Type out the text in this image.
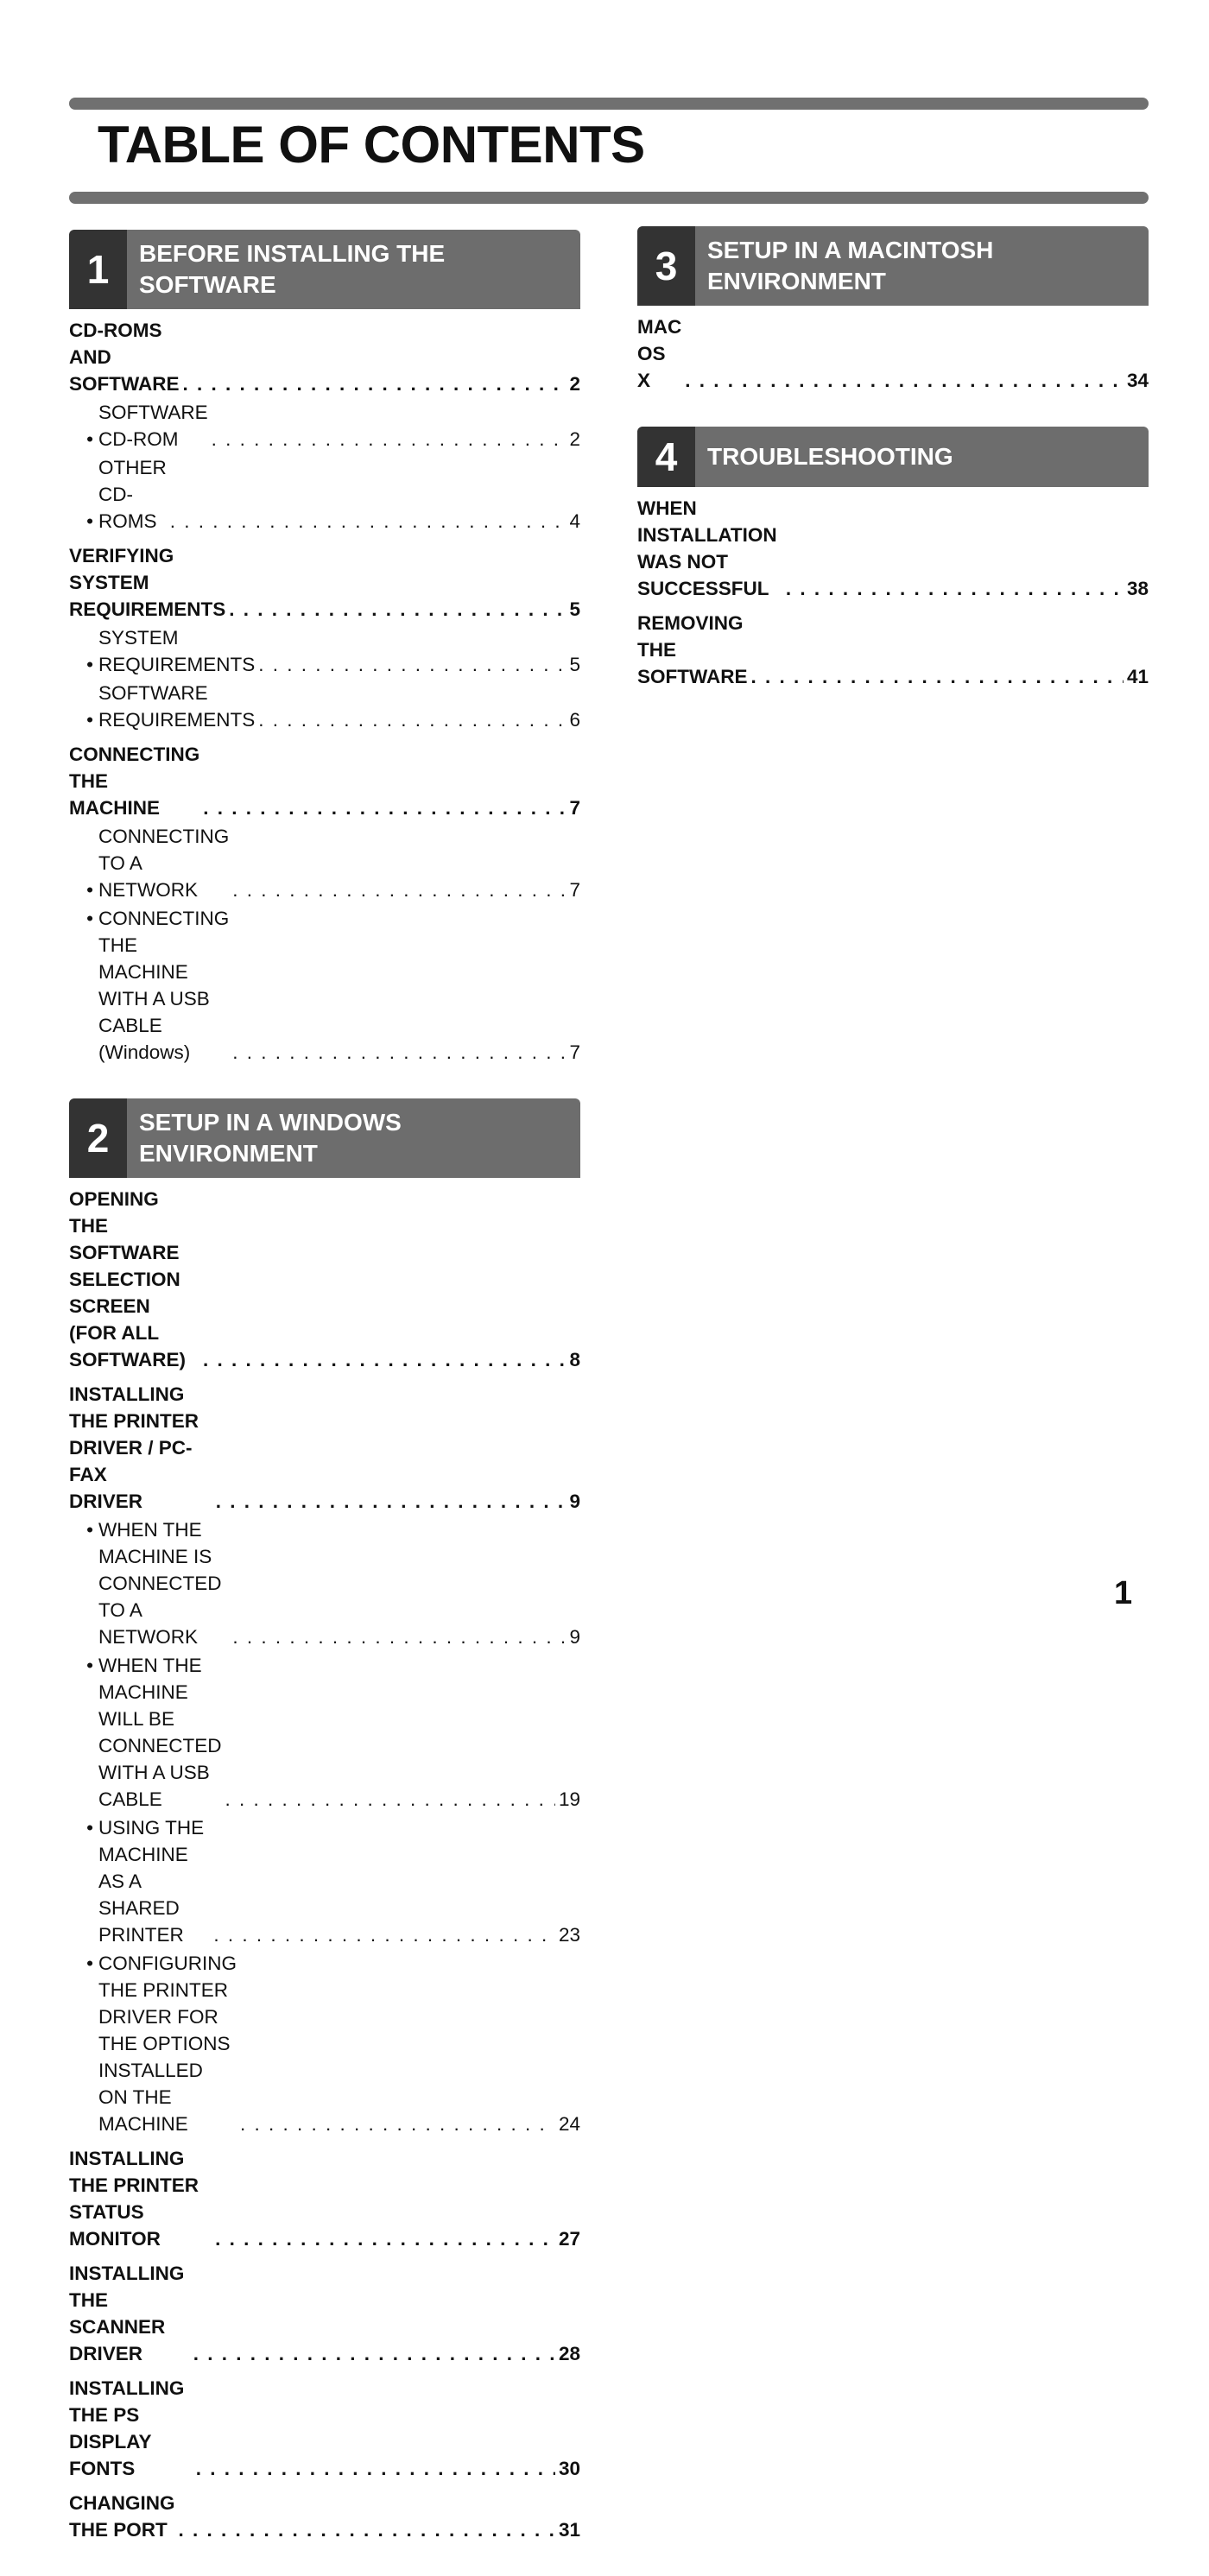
TABLE OF CONTENTS
1	BEFORE INSTALLING THE
SOFTWARE
CD-ROMS AND SOFTWARE . . .	2
•
SOFTWARE CD-ROM . . .	2
•
OTHER CD-ROMS . . .	4
VERIFYING SYSTEM REQUIREMENTS . . .	5
•
SYSTEM REQUIREMENTS . . .	5
•
SOFTWARE REQUIREMENTS . . .	6
CONNECTING THE MACHINE . . .	7
•
CONNECTING TO A NETWORK . . .	7
• CONNECTING THE MACHINE WITH A USB
CABLE (Windows) . . .	7
2	SETUP IN A WINDOWS
ENVIRONMENT
OPENING THE SOFTWARE SELECTION
SCREEN (FOR ALL SOFTWARE) . . .	8
INSTALLING THE PRINTER DRIVER / PC-FAX
DRIVER . . .	9
• WHEN THE MACHINE IS CONNECTED TO A
NETWORK . . .	9
• WHEN THE MACHINE WILL BE
CONNECTED WITH A USB CABLE . . .	19
• USING THE MACHINE AS A SHARED
PRINTER . . .	23
• CONFIGURING THE PRINTER DRIVER FOR
THE OPTIONS INSTALLED ON THE
MACHINE . . .	24
INSTALLING THE PRINTER STATUS MONITOR . . .	27
INSTALLING THE SCANNER DRIVER . . .	28
INSTALLING THE PS DISPLAY FONTS . . .	30
CHANGING THE PORT . . .	31
3	SETUP IN A MACINTOSH
ENVIRONMENT
MAC OS X . . .	34
4	TROUBLESHOOTING
WHEN INSTALLATION WAS NOT SUCCESSFUL . . .	38
REMOVING THE SOFTWARE . . .	41
1
